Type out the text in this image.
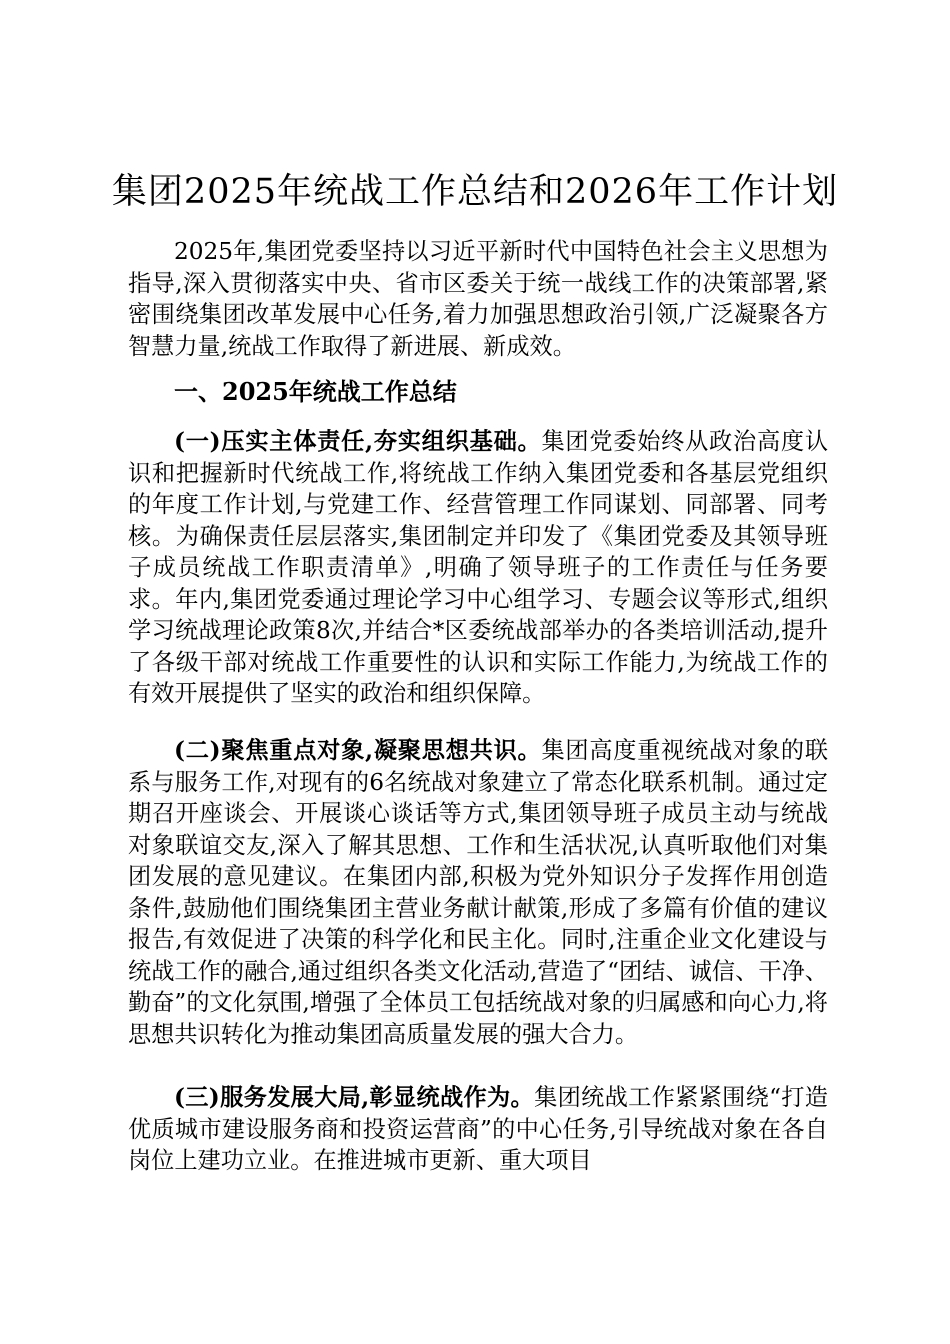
集团2025年统战工作总结和2026年工作计划

2025年,集团党委坚持以习近平新时代中国特色社会主义思想为指导,深入贯彻落实中央、省市区委关于统一战线工作的决策部署,紧密围绕集团改革发展中心任务,着力加强思想政治引领,广泛凝聚各方智慧力量,统战工作取得了新进展、新成效。

一、2025年统战工作总结

(一)压实主体责任,夯实组织基础。集团党委始终从政治高度认识和把握新时代统战工作,将统战工作纳入集团党委和各基层党组织的年度工作计划,与党建工作、经营管理工作同谋划、同部署、同考核。为确保责任层层落实,集团制定并印发了《集团党委及其领导班子成员统战工作职责清单》,明确了领导班子的工作责任与任务要求。年内,集团党委通过理论学习中心组学习、专题会议等形式,组织学习统战理论政策8次,并结合*区委统战部举办的各类培训活动,提升了各级干部对统战工作重要性的认识和实际工作能力,为统战工作的有效开展提供了坚实的政治和组织保障。

(二)聚焦重点对象,凝聚思想共识。集团高度重视统战对象的联系与服务工作,对现有的6名统战对象建立了常态化联系机制。通过定期召开座谈会、开展谈心谈话等方式,集团领导班子成员主动与统战对象联谊交友,深入了解其思想、工作和生活状况,认真听取他们对集团发展的意见建议。在集团内部,积极为党外知识分子发挥作用创造条件,鼓励他们围绕集团主营业务献计献策,形成了多篇有价值的建议报告,有效促进了决策的科学化和民主化。同时,注重企业文化建设与统战工作的融合,通过组织各类文化活动,营造了“团结、诚信、干净、勤奋”的文化氛围,增强了全体员工包括统战对象的归属感和向心力,将思想共识转化为推动集团高质量发展的强大合力。

(三)服务发展大局,彰显统战作为。集团统战工作紧紧围绕“打造优质城市建设服务商和投资运营商”的中心任务,引导统战对象在各自岗位上建功立业。在推进城市更新、重大项目
